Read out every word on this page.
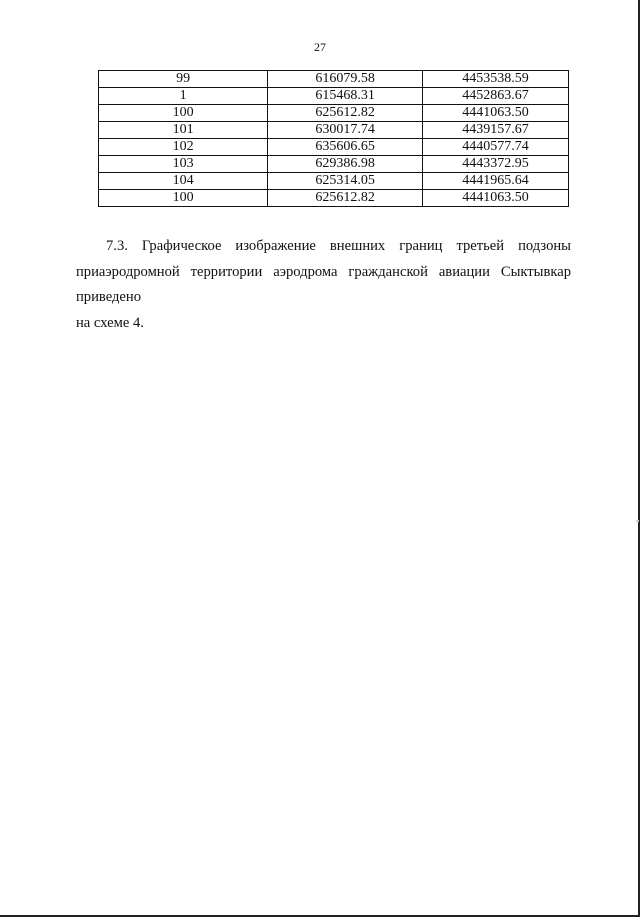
27
99	616079.58	4453538.59
1	615468.31	4452863.67
100	625612.82	4441063.50
101	630017.74	4439157.67
102	635606.65	4440577.74
103	629386.98	4443372.95
104	625314.05	4441965.64
100	625612.82	4441063.50
7.3. Графическое изображение внешних границ третьей подзоны
приаэродромной территории аэродрома гражданской авиации Сыктывкар приведено
на схеме 4.
